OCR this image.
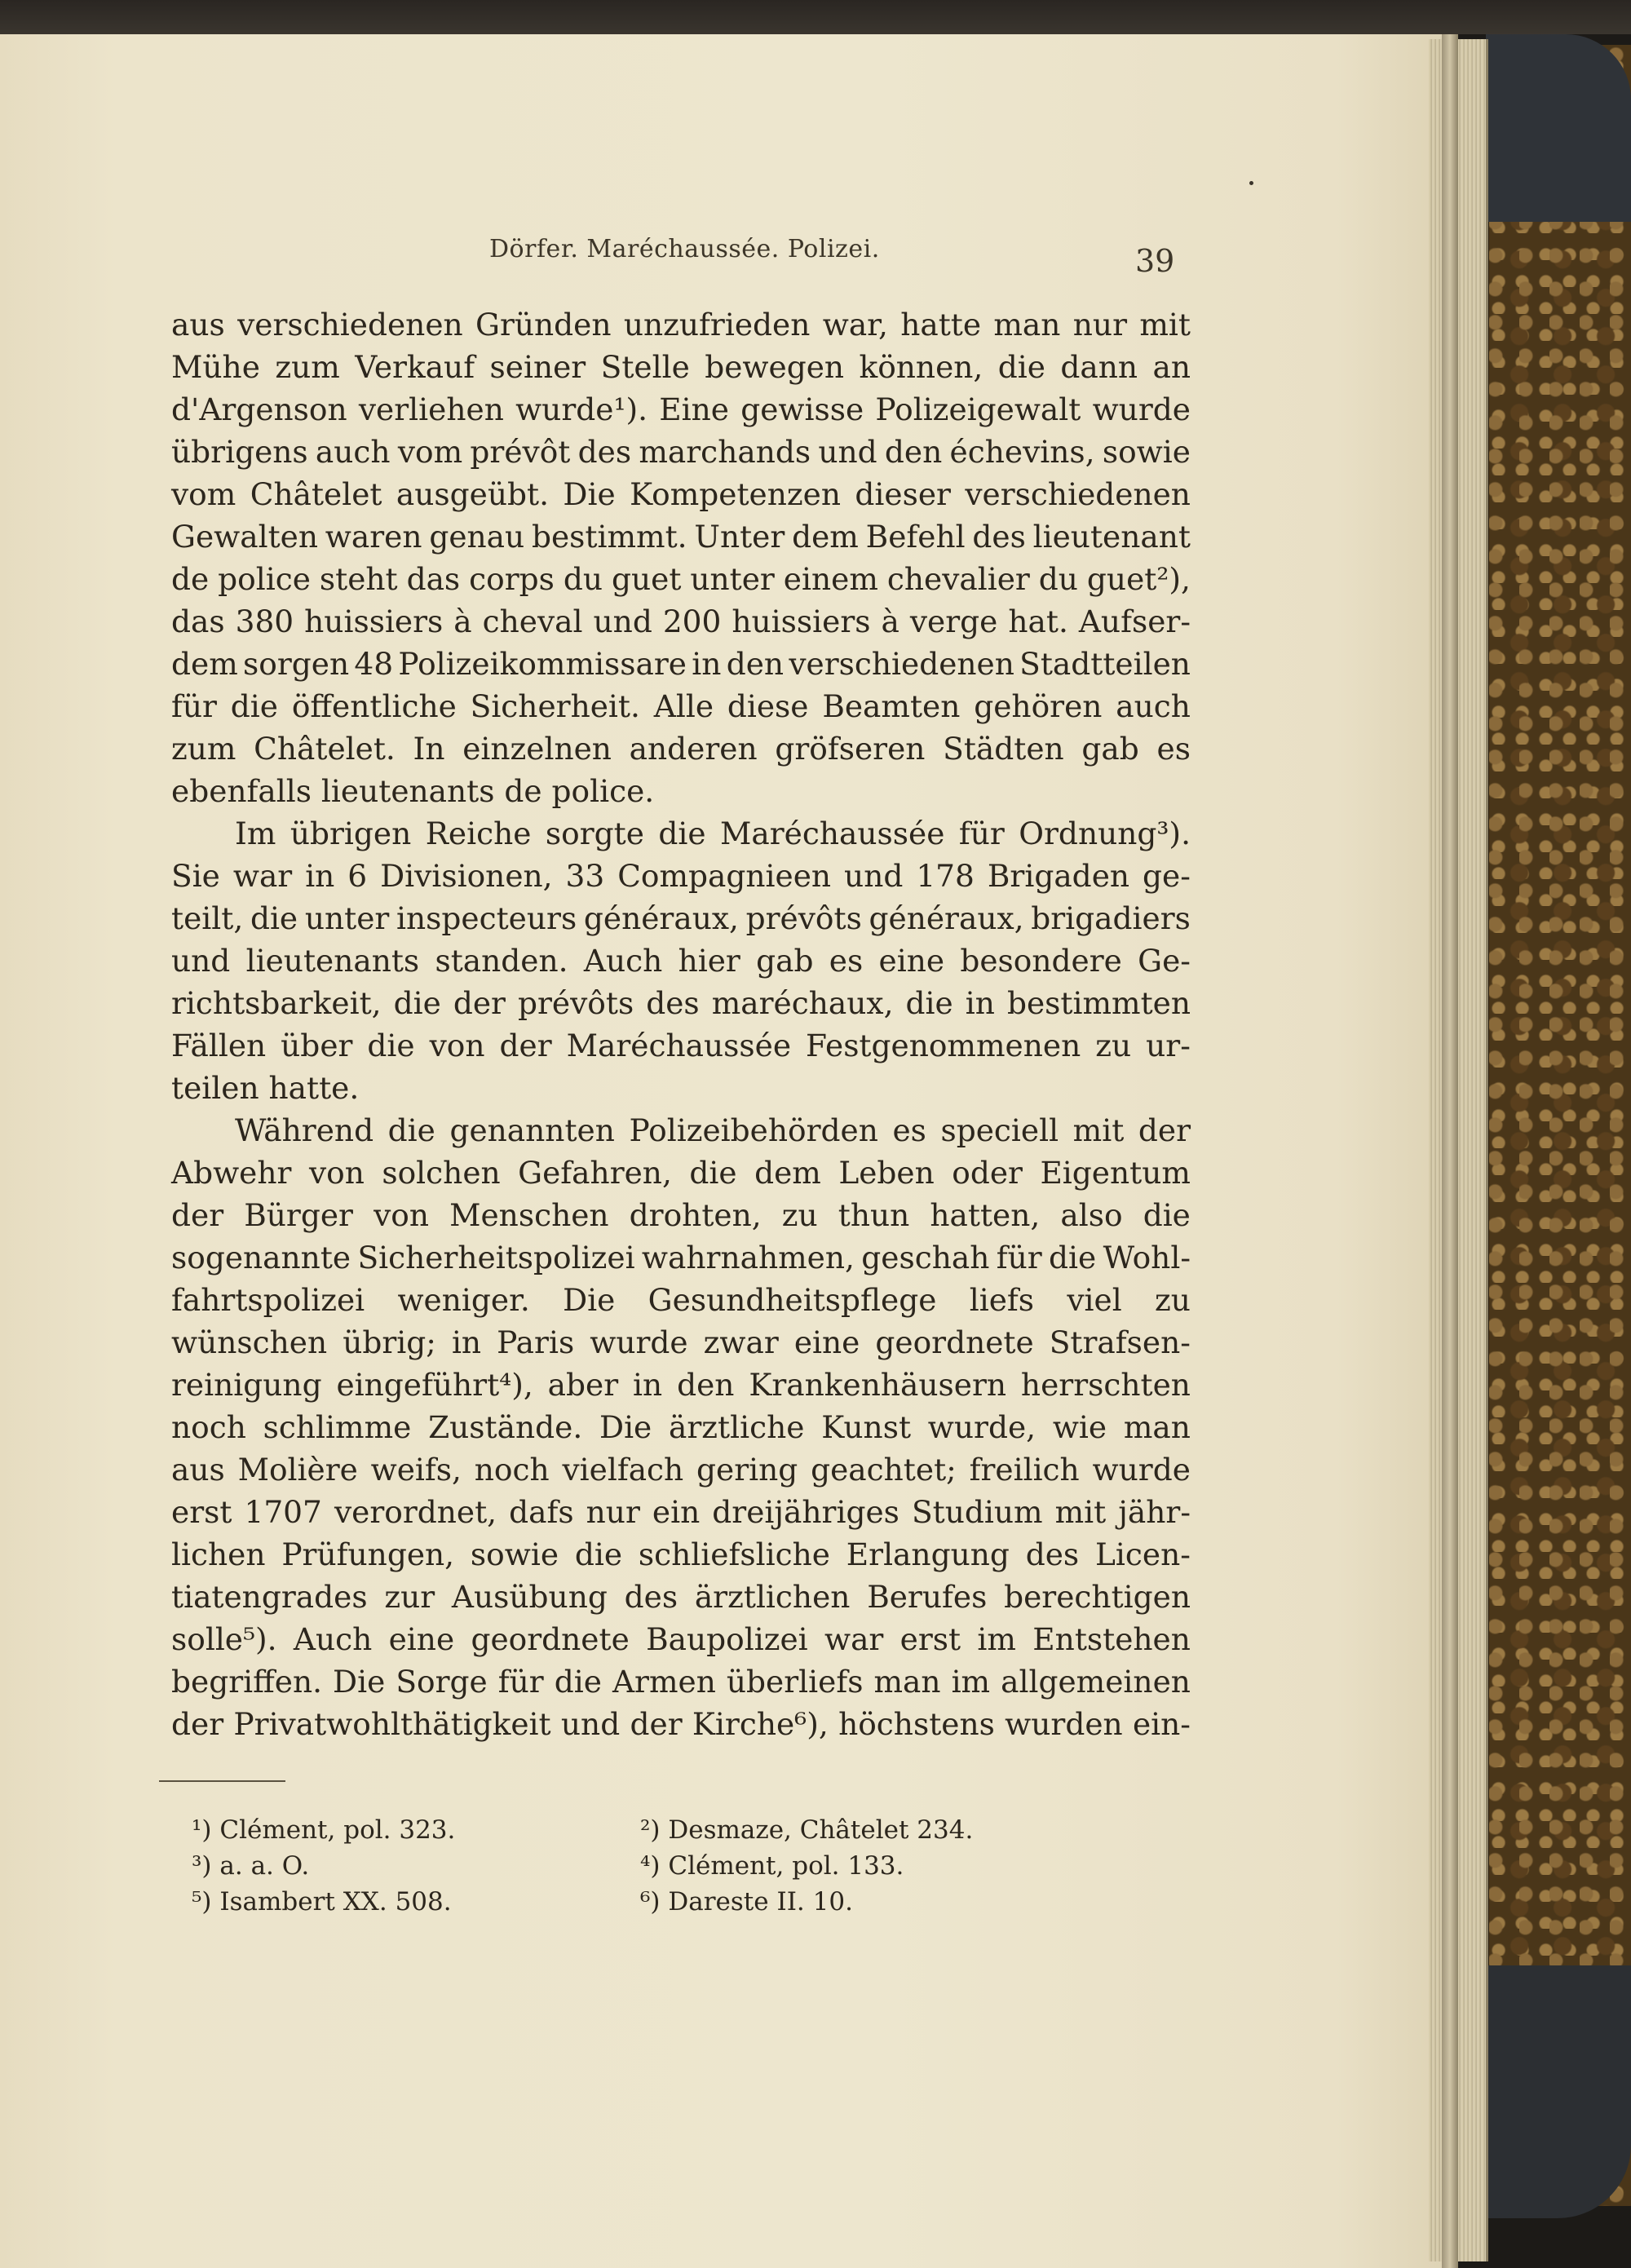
Dörfer. Maréchaussée. Polizei.	39
aus verschiedenen Gründen unzufrieden war, hatte man nur mit
Mühe zum Verkauf seiner Stelle bewegen können, die dann an
d'Argenson verliehen wurde¹). Eine gewisse Polizeigewalt wurde
übrigens auch vom prévôt des marchands und den échevins, sowie
vom Châtelet ausgeübt. Die Kompetenzen dieser verschiedenen
Gewalten waren genau bestimmt. Unter dem Befehl des lieutenant
de police steht das corps du guet unter einem chevalier du guet²),
das 380 huissiers à cheval und 200 huissiers à verge hat. Aufser-
dem sorgen 48 Polizeikommissare in den verschiedenen Stadtteilen
für die öffentliche Sicherheit. Alle diese Beamten gehören auch
zum Châtelet. In einzelnen anderen gröfseren Städten gab es
ebenfalls lieutenants de police.
Im übrigen Reiche sorgte die Maréchaussée für Ordnung³).
Sie war in 6 Divisionen, 33 Compagnieen und 178 Brigaden ge-
teilt, die unter inspecteurs généraux, prévôts généraux, brigadiers
und lieutenants standen. Auch hier gab es eine besondere Ge-
richtsbarkeit, die der prévôts des maréchaux, die in bestimmten
Fällen über die von der Maréchaussée Festgenommenen zu ur-
teilen hatte.
Während die genannten Polizeibehörden es speciell mit der
Abwehr von solchen Gefahren, die dem Leben oder Eigentum
der Bürger von Menschen drohten, zu thun hatten, also die
sogenannte Sicherheitspolizei wahrnahmen, geschah für die Wohl-
fahrtspolizei weniger. Die Gesundheitspflege liefs viel zu
wünschen übrig; in Paris wurde zwar eine geordnete Strafsen-
reinigung eingeführt⁴), aber in den Krankenhäusern herrschten
noch schlimme Zustände. Die ärztliche Kunst wurde, wie man
aus Molière weifs, noch vielfach gering geachtet; freilich wurde
erst 1707 verordnet, dafs nur ein dreijähriges Studium mit jähr-
lichen Prüfungen, sowie die schliefsliche Erlangung des Licen-
tiatengrades zur Ausübung des ärztlichen Berufes berechtigen
solle⁵). Auch eine geordnete Baupolizei war erst im Entstehen
begriffen. Die Sorge für die Armen überliefs man im allgemeinen
der Privatwohlthätigkeit und der Kirche⁶), höchstens wurden ein-
¹) Clément, pol. 323.	²) Desmaze, Châtelet 234.
³) a. a. O.	⁴) Clément, pol. 133.
⁵) Isambert XX. 508.	⁶) Dareste II. 10.
